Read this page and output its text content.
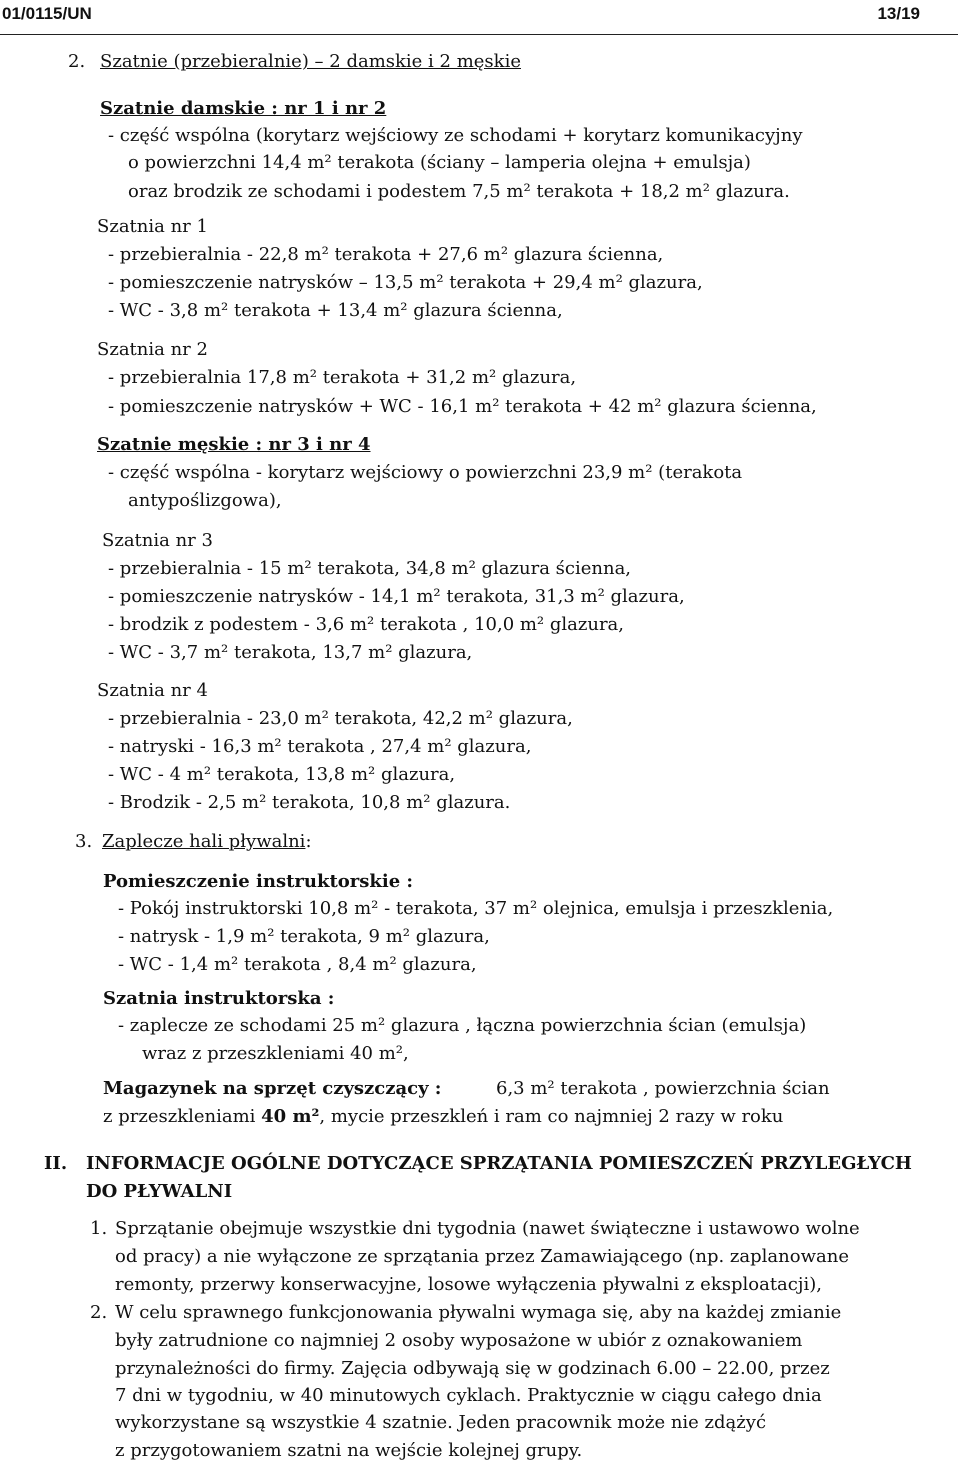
01/0115/UN	13/19
2. Szatnie (przebieralnie) – 2 damskie i 2 męskie
Szatnie damskie : nr 1 i nr 2
- część wspólna (korytarz wejściowy ze schodami + korytarz komunikacyjny
o powierzchni 14,4 m² terakota (ściany – lamperia olejna + emulsja)
oraz brodzik ze schodami i podestem 7,5 m² terakota + 18,2 m² glazura.
Szatnia nr 1
- przebieralnia - 22,8 m² terakota + 27,6 m² glazura ścienna,
- pomieszczenie natrysków – 13,5 m² terakota + 29,4 m² glazura,
- WC - 3,8 m² terakota + 13,4 m² glazura ścienna,
Szatnia nr 2
- przebieralnia 17,8 m² terakota + 31,2 m² glazura,
- pomieszczenie natrysków + WC - 16,1 m² terakota + 42 m² glazura ścienna,
Szatnie męskie : nr 3 i nr 4
- część wspólna - korytarz wejściowy o powierzchni 23,9 m² (terakota
antypoślizgowa),
Szatnia nr 3
- przebieralnia - 15 m² terakota, 34,8 m² glazura ścienna,
- pomieszczenie natrysków - 14,1 m² terakota, 31,3 m² glazura,
- brodzik z podestem - 3,6 m² terakota , 10,0 m² glazura,
- WC - 3,7 m² terakota, 13,7 m² glazura,
Szatnia nr 4
- przebieralnia - 23,0 m² terakota, 42,2 m² glazura,
- natryski - 16,3 m² terakota , 27,4 m² glazura,
- WC - 4 m² terakota, 13,8 m² glazura,
- Brodzik - 2,5 m² terakota, 10,8 m² glazura.
3. Zaplecze hali pływalni:
Pomieszczenie instruktorskie :
- Pokój instruktorski 10,8 m² - terakota, 37 m² olejnica, emulsja i przeszklenia,
- natrysk - 1,9 m² terakota, 9 m² glazura,
- WC - 1,4 m² terakota , 8,4 m² glazura,
Szatnia instruktorska :
- zaplecze ze schodami 25 m² glazura , łączna powierzchnia ścian (emulsja)
wraz z przeszkleniami 40 m²,
Magazynek na sprzęt czyszczący :	6,3 m² terakota , powierzchnia ścian
z przeszkleniami 40 m², mycie przeszkleń i ram co najmniej 2 razy w roku
II. INFORMACJE OGÓLNE DOTYCZĄCE SPRZĄTANIA POMIESZCZEŃ PRZYLEGŁYCH
DO PŁYWALNI
1. Sprzątanie obejmuje wszystkie dni tygodnia (nawet świąteczne i ustawowo wolne
od pracy) a nie wyłączone ze sprzątania przez Zamawiającego (np. zaplanowane
remonty, przerwy konserwacyjne, losowe wyłączenia pływalni z eksploatacji),
2. W celu sprawnego funkcjonowania pływalni wymaga się, aby na każdej zmianie
były zatrudnione co najmniej 2 osoby wyposażone w ubiór z oznakowaniem
przynależności do firmy. Zajęcia odbywają się w godzinach 6.00 – 22.00, przez
7 dni w tygodniu, w 40 minutowych cyklach. Praktycznie w ciągu całego dnia
wykorzystane są wszystkie 4 szatnie. Jeden pracownik może nie zdążyć
z przygotowaniem szatni na wejście kolejnej grupy.
